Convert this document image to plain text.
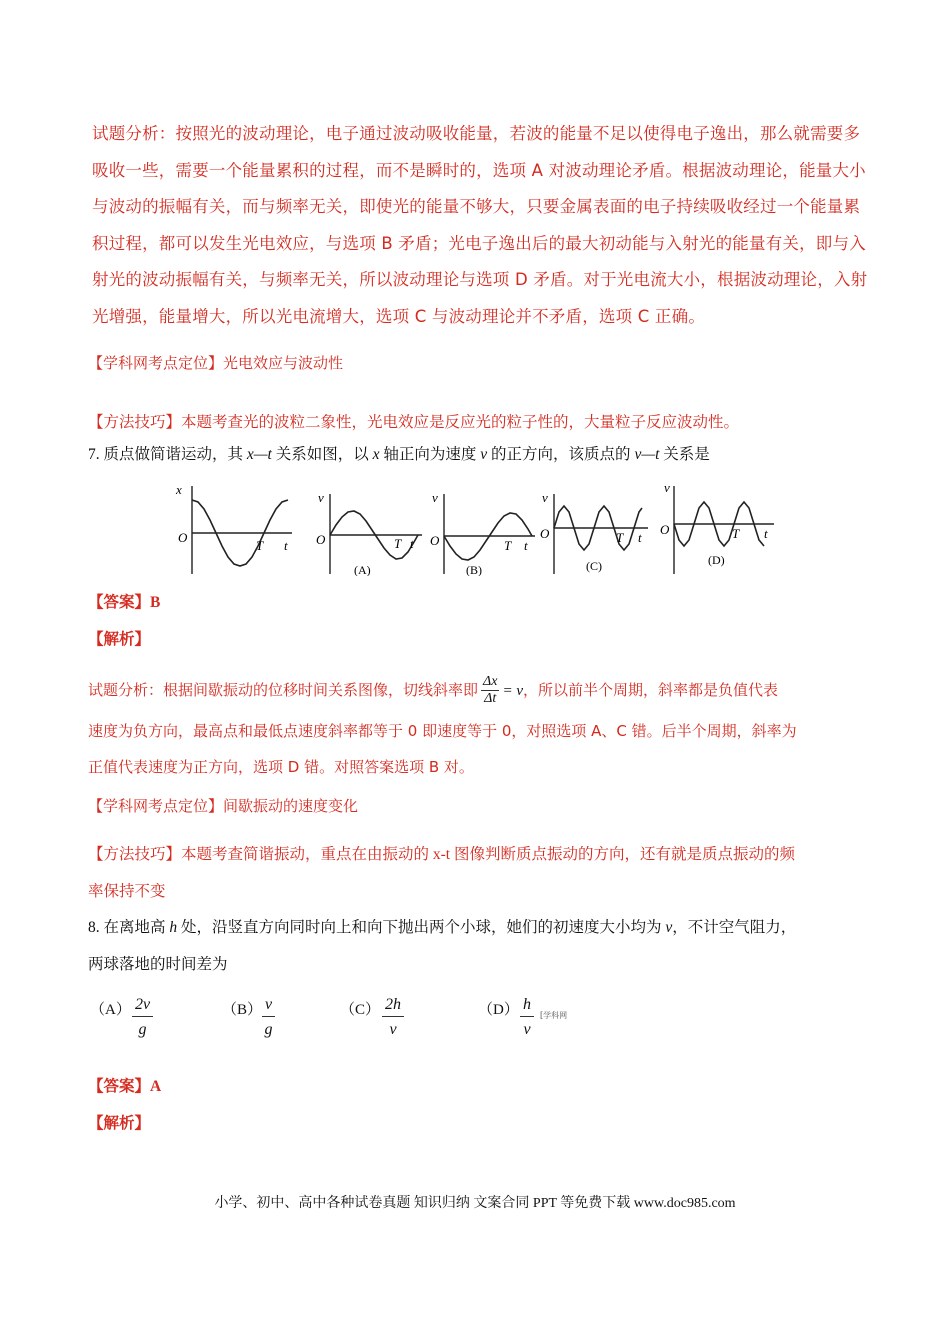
试题分析：按照光的波动理论，电子通过波动吸收能量，若波的能量不足以使得电子逸出，那么就需要多吸收一些，需要一个能量累积的过程，而不是瞬时的，选项 A 对波动理论矛盾。根据波动理论，能量大小与波动的振幅有关，而与频率无关，即使光的能量不够大，只要金属表面的电子持续吸收经过一个能量累积过程，都可以发生光电效应，与选项 B 矛盾；光电子逸出后的最大初动能与入射光的能量有关，即与入射光的波动振幅有关，与频率无关，所以波动理论与选项 D 矛盾。对于光电流大小，根据波动理论，入射光增强，能量增大，所以光电流增大，选项 C 与波动理论并不矛盾，选项 C 正确。

【学科网考点定位】光电效应与波动性

【方法技巧】本题考查光的波粒二象性，光电效应是反应光的粒子性的，大量粒子反应波动性。

7. 质点做简谐运动，其 x—t 关系如图，以 x 轴正向为速度 v 的正方向，该质点的 v—t 关系是

x
O
T t
v
O	T t
(A)
v
O	T t
(B)
v
O	T t
(C)
v
O	T t
(D)

【答案】B

【解析】

试题分析：根据间歇振动的位移时间关系图像，切线斜率即 $\frac{\Delta x}{\Delta t} = v$，所以前半个周期，斜率都是负值代表

速度为负方向，最高点和最低点速度斜率都等于 0 即速度等于 0，对照选项 A、C 错。后半个周期，斜率为

正值代表速度为正方向，选项 D 错。对照答案选项 B 对。

【学科网考点定位】间歇振动的速度变化

【方法技巧】本题考查简谐振动，重点在由振动的 x-t 图像判断质点振动的方向，还有就是质点振动的频

率保持不变

8. 在离地高 h 处，沿竖直方向同时向上和向下抛出两个小球，她们的初速度大小均为 v，不计空气阻力，

两球落地的时间差为

$(A) \frac{2v}{g}$	$(B) \frac{v}{g}$	$(C) \frac{2h}{v}$	$(D) \frac{h}{v}$ [学科网

【答案】A

【解析】

小学、初中、高中各种试卷真题 知识归纳 文案合同 PPT 等免费下载 www.doc985.com
